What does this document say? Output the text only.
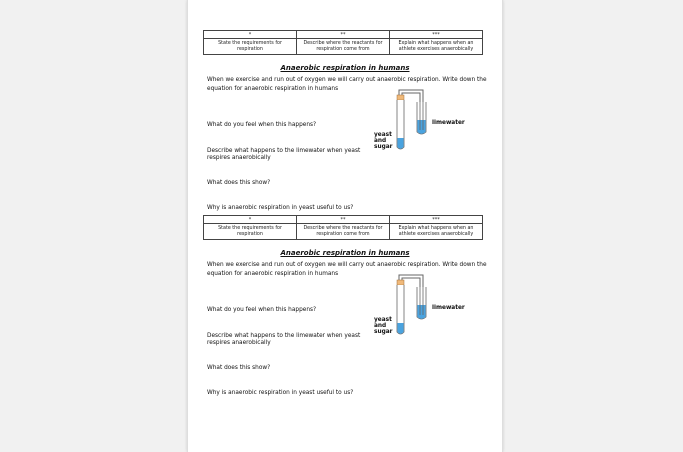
*	**	***
State the requirements for respiration	Describe where the reactants for respiration come from	Explain what happens when an athlete exercises anaerobically
Anaerobic respiration in humans
When we exercise and run out of oxygen we will carry out anaerobic respiration. Write down the equation for anaerobic respiration in humans
limewater
yeast and sugar
What do you feel when this happens?
Describe what happens to the limewater when yeast respires anaerobically
What does this show?
Why is anaerobic respiration in yeast useful to us?
*	**	***
State the requirements for respiration	Describe where the reactants for respiration come from	Explain what happens when an athlete exercises anaerobically
Anaerobic respiration in humans
When we exercise and run out of oxygen we will carry out anaerobic respiration. Write down the equation for anaerobic respiration in humans
limewater
yeast and sugar
What do you feel when this happens?
Describe what happens to the limewater when yeast respires anaerobically
What does this show?
Why is anaerobic respiration in yeast useful to us?
